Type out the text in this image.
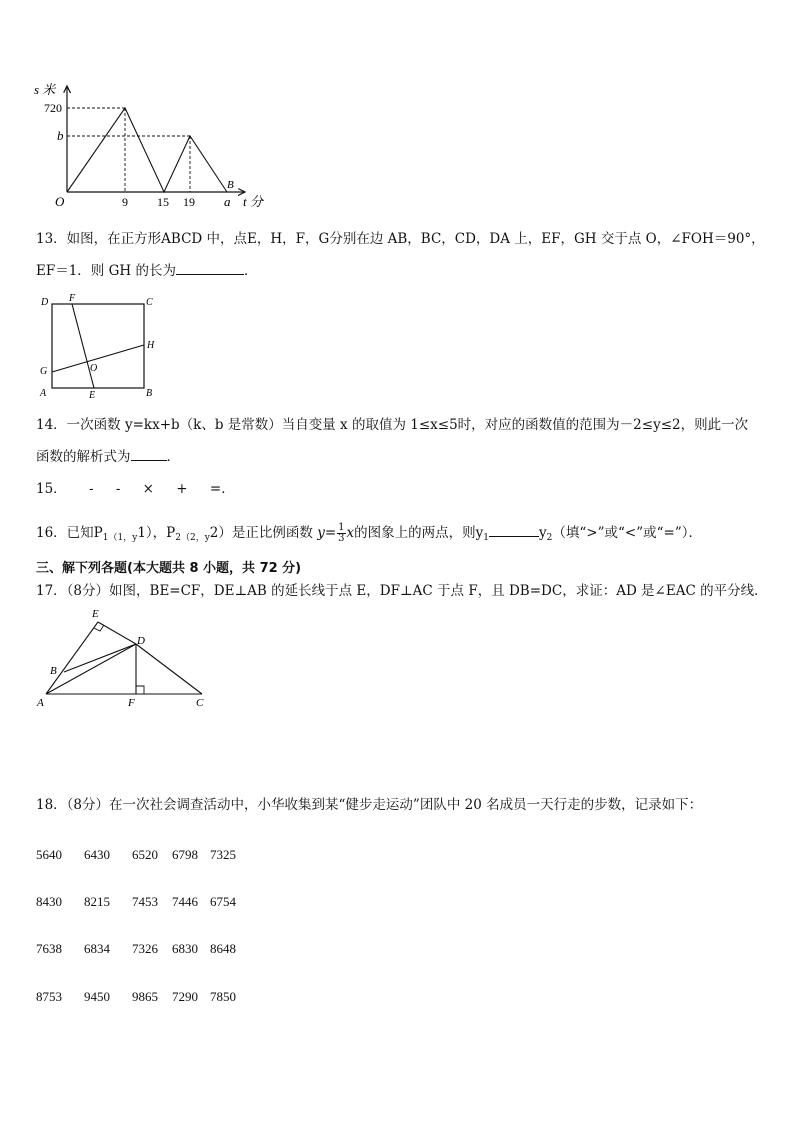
s 米
720
b
O	9 15 19 a
B
t 分
13．如图，在正方形ABCD 中，点E，H，F，G分别在边 AB，BC，CD，DA 上，EF，GH 交于点 O，∠FOH＝90°，
EF＝1．则 GH 的长为	．
D F	C
H
G	O
A	E	B
14．一次函数 y=kx+b（k、b 是常数）当自变量 x 的取值为 1≤x≤5时，对应的函数值的范围为－2≤y≤2，则此一次
函数的解析式为	．
15． - - × + =．
16．已知$P_{1(1,y}1$），$P_{2(2,y}2$）是正比例函数 $y= \frac{1}{3}$ x的图象上的两点，则$y_1$	$y_2$（填“>”或“<”或“=”）．
三、解下列各题(本大题共 8 小题，共 72 分)
17．（8分）如图，BE=CF，DE⊥AB 的延长线于点 E，DF⊥AC 于点 F，且 DB=DC，求证：AD 是∠EAC 的平分线．
E
D
B
A	F	C
18．（8分）在一次社会调查活动中，小华收集到某“健步走运动”团队中 20 名成员一天行走的步数，记录如下：
5640 6430 6520 6798 7325
8430 8215 7453 7446 6754
7638 6834 7326 6830 8648
8753 9450 9865 7290 7850
